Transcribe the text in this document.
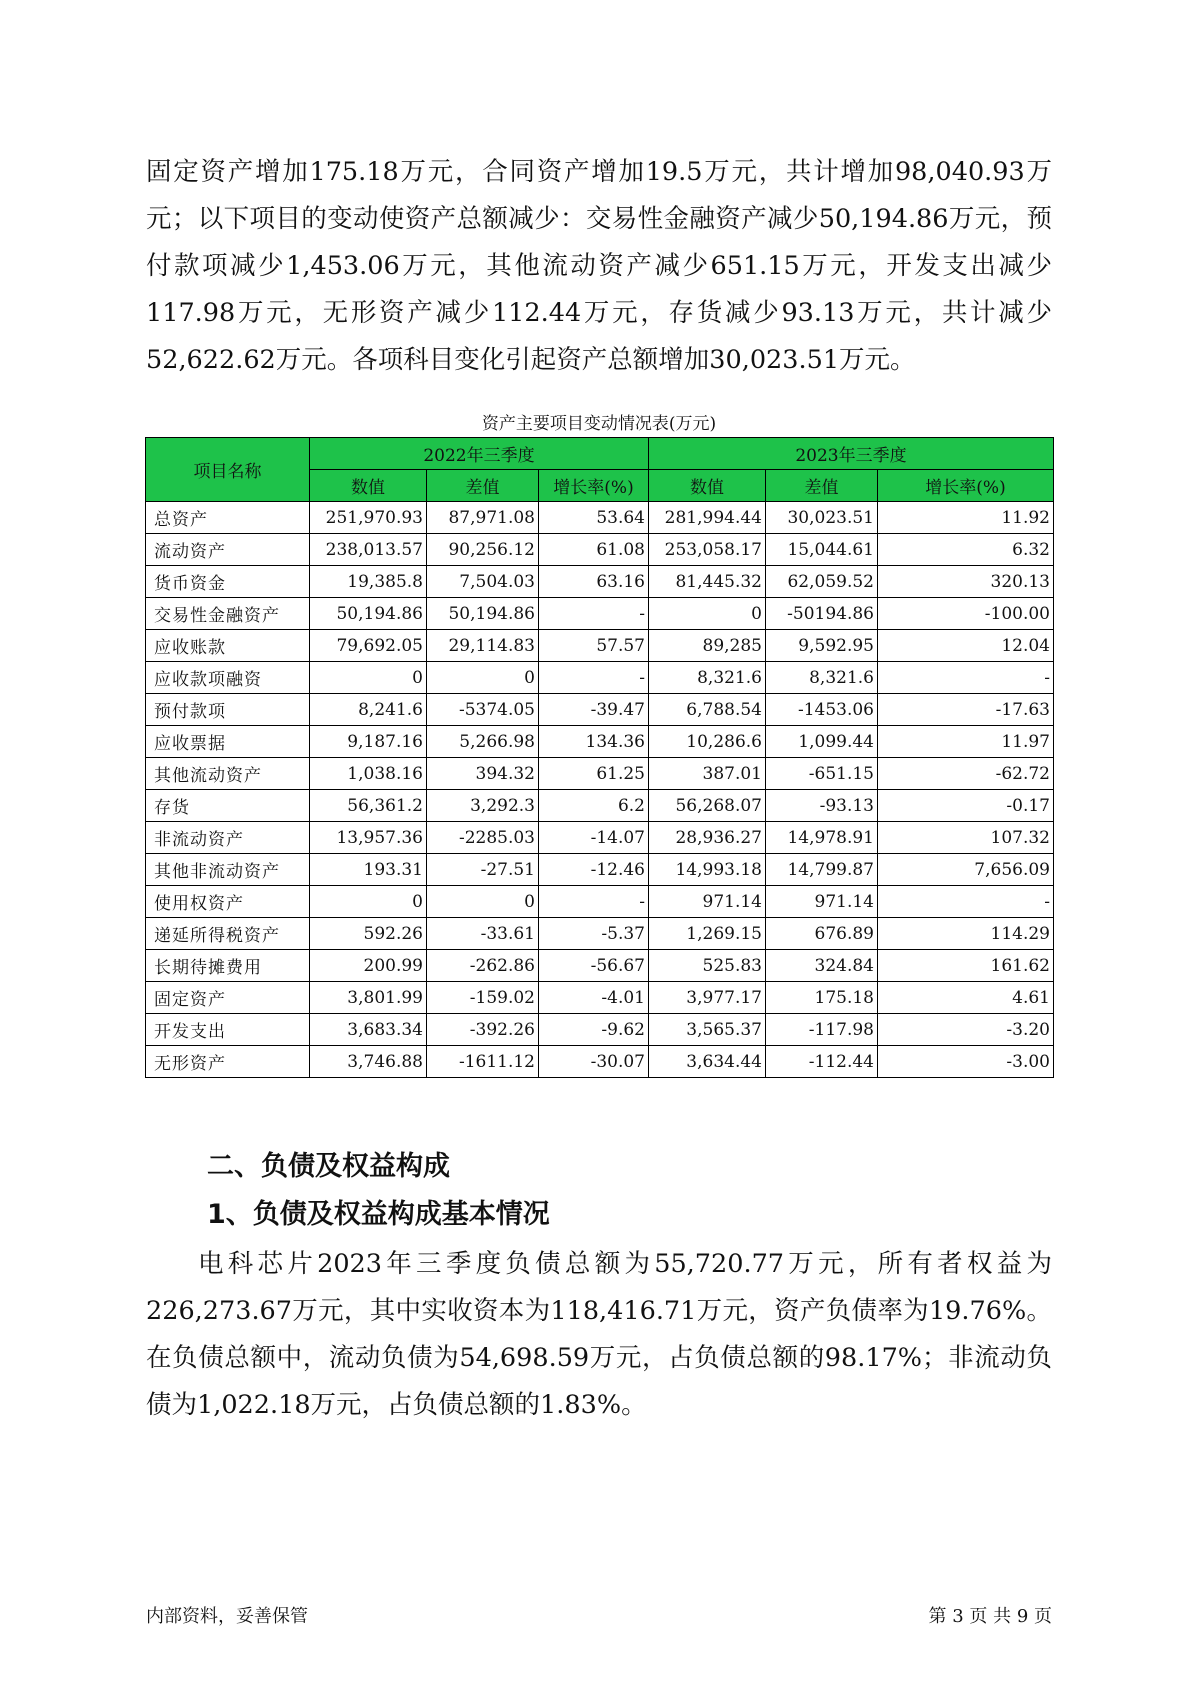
固定资产增加175.18万元，合同资产增加19.5万元，共计增加98,040.93万元；以下项目的变动使资产总额减少：交易性金融资产减少50,194.86万元，预付款项减少1,453.06万元，其他流动资产减少651.15万元，开发支出减少117.98万元，无形资产减少112.44万元，存货减少93.13万元，共计减少52,622.62万元。各项科目变化引起资产总额增加30,023.51万元。

资产主要项目变动情况表(万元)
项目名称	2022年三季度			2023年三季度		
	数值	差值	增长率(%)	数值	差值	增长率(%)
总资产	251,970.93	87,971.08	53.64	281,994.44	30,023.51	11.92
流动资产	238,013.57	90,256.12	61.08	253,058.17	15,044.61	6.32
货币资金	19,385.8	7,504.03	63.16	81,445.32	62,059.52	320.13
交易性金融资产	50,194.86	50,194.86	-	0	-50194.86	-100.00
应收账款	79,692.05	29,114.83	57.57	89,285	9,592.95	12.04
应收款项融资	0	0	-	8,321.6	8,321.6	-
预付款项	8,241.6	-5374.05	-39.47	6,788.54	-1453.06	-17.63
应收票据	9,187.16	5,266.98	134.36	10,286.6	1,099.44	11.97
其他流动资产	1,038.16	394.32	61.25	387.01	-651.15	-62.72
存货	56,361.2	3,292.3	6.2	56,268.07	-93.13	-0.17
非流动资产	13,957.36	-2285.03	-14.07	28,936.27	14,978.91	107.32
其他非流动资产	193.31	-27.51	-12.46	14,993.18	14,799.87	7,656.09
使用权资产	0	0	-	971.14	971.14	-
递延所得税资产	592.26	-33.61	-5.37	1,269.15	676.89	114.29
长期待摊费用	200.99	-262.86	-56.67	525.83	324.84	161.62
固定资产	3,801.99	-159.02	-4.01	3,977.17	175.18	4.61
开发支出	3,683.34	-392.26	-9.62	3,565.37	-117.98	-3.20
无形资产	3,746.88	-1611.12	-30.07	3,634.44	-112.44	-3.00
二、负债及权益构成
1、负债及权益构成基本情况

电科芯片2023年三季度负债总额为55,720.77万元，所有者权益为226,273.67万元，其中实收资本为118,416.71万元，资产负债率为19.76%。在负债总额中，流动负债为54,698.59万元，占负债总额的98.17%；非流动负债为1,022.18万元，占负债总额的1.83%。

内部资料，妥善保管	第 3 页 共 9 页
